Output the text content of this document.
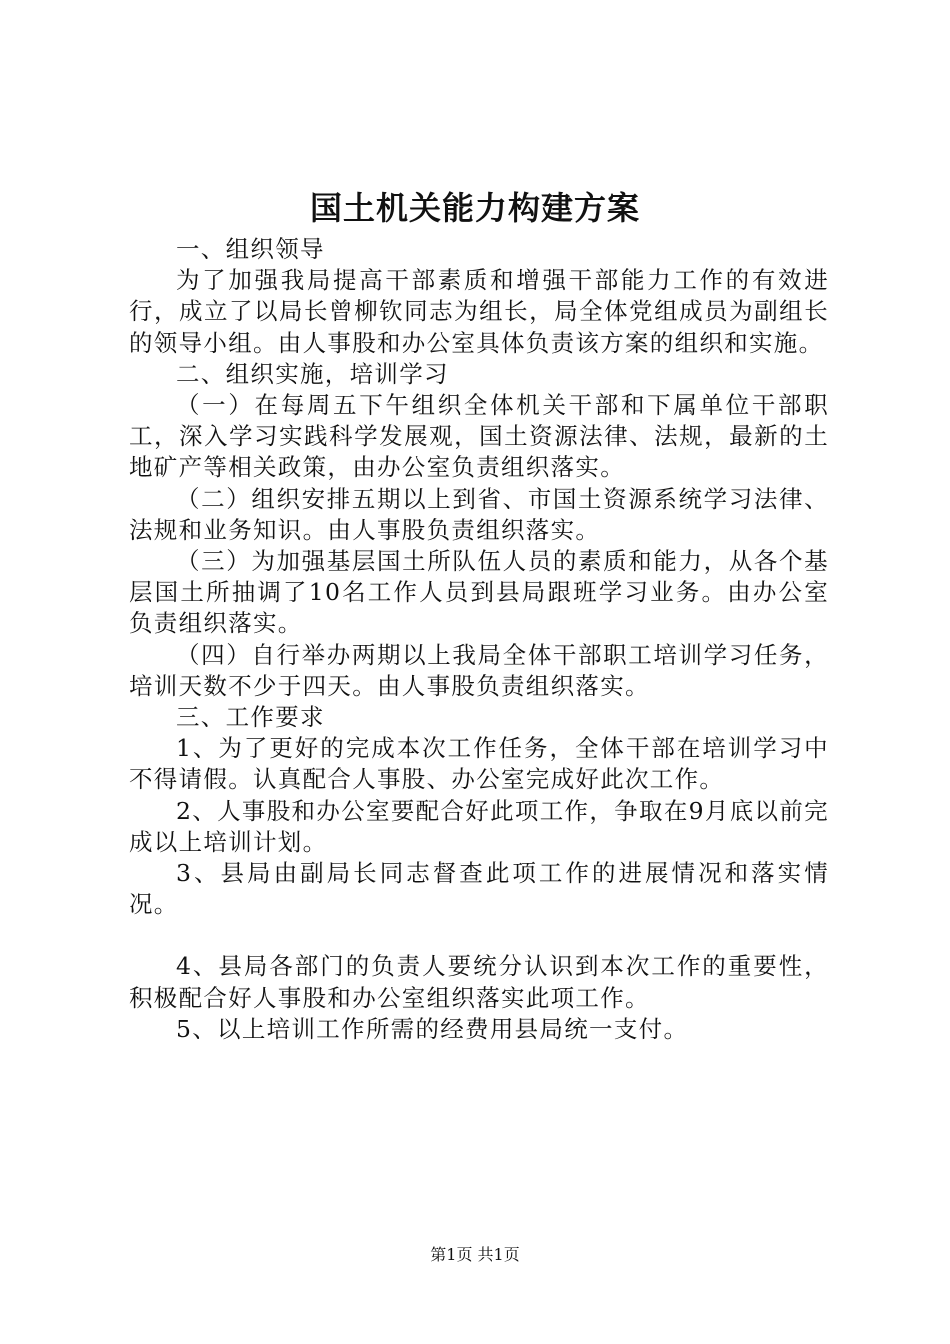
国土机关能力构建方案

一、组织领导

为了加强我局提高干部素质和增强干部能力工作的有效进行，成立了以局长曾柳钦同志为组长，局全体党组成员为副组长的领导小组。由人事股和办公室具体负责该方案的组织和实施。

二、组织实施，培训学习

（一）在每周五下午组织全体机关干部和下属单位干部职工，深入学习实践科学发展观，国土资源法律、法规，最新的土地矿产等相关政策，由办公室负责组织落实。

（二）组织安排五期以上到省、市国土资源系统学习法律、法规和业务知识。由人事股负责组织落实。

（三）为加强基层国土所队伍人员的素质和能力，从各个基层国土所抽调了10名工作人员到县局跟班学习业务。由办公室负责组织落实。

（四）自行举办两期以上我局全体干部职工培训学习任务，培训天数不少于四天。由人事股负责组织落实。

三、工作要求

1、为了更好的完成本次工作任务，全体干部在培训学习中不得请假。认真配合人事股、办公室完成好此次工作。

2、人事股和办公室要配合好此项工作，争取在9月底以前完成以上培训计划。

3、县局由副局长同志督查此项工作的进展情况和落实情况。

4、县局各部门的负责人要统分认识到本次工作的重要性，积极配合好人事股和办公室组织落实此项工作。

5、以上培训工作所需的经费用县局统一支付。

第1页 共1页
